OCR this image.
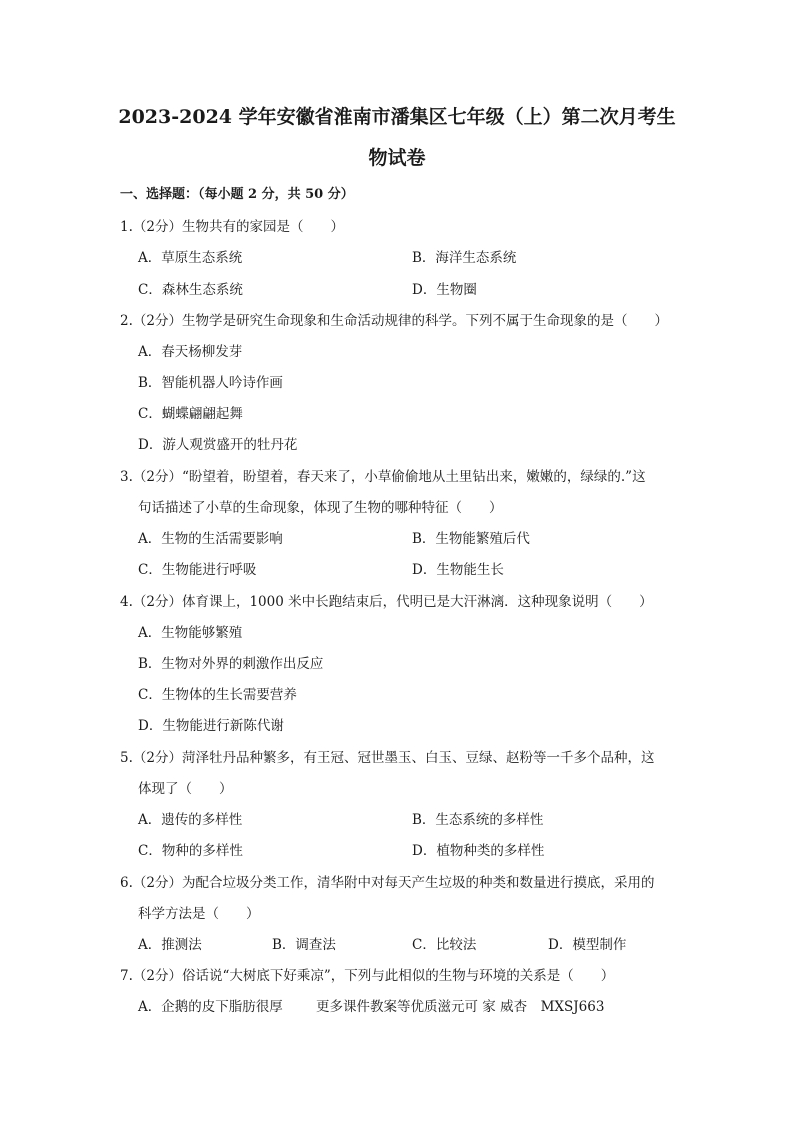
2023-2024 学年安徽省淮南市潘集区七年级（上）第二次月考生
物试卷
一、选择题：（每小题 2 分，共 50 分）
1.（2分）生物共有的家园是（　　）
A．草原生态系统	B．海洋生态系统
C．森林生态系统	D．生物圈
2.（2分）生物学是研究生命现象和生命活动规律的科学。下列不属于生命现象的是（　　）
A．春天杨柳发芽
B．智能机器人吟诗作画
C．蝴蝶翩翩起舞
D．游人观赏盛开的牡丹花
3.（2分）“盼望着，盼望着，春天来了，小草偷偷地从土里钻出来，嫩嫩的，绿绿的.”这
句话描述了小草的生命现象，体现了生物的哪种特征（　　）
A．生物的生活需要影响	B．生物能繁殖后代
C．生物能进行呼吸	D．生物能生长
4.（2分）体育课上，1000 米中长跑结束后，代明已是大汗淋漓．这种现象说明（　　）
A．生物能够繁殖
B．生物对外界的刺激作出反应
C．生物体的生长需要营养
D．生物能进行新陈代谢
5.（2分）菏泽牡丹品种繁多，有王冠、冠世墨玉、白玉、豆绿、赵粉等一千多个品种，这
体现了（　　）
A．遗传的多样性	B．生态系统的多样性
C．物种的多样性	D．植物种类的多样性
6.（2分）为配合垃圾分类工作，清华附中对每天产生垃圾的种类和数量进行摸底，采用的
科学方法是（　　）
A．推测法	B．调查法	C．比较法	D．模型制作
7.（2分）俗话说“大树底下好乘凉”，下列与此相似的生物与环境的关系是（　　）
A．企鹅的皮下脂肪很厚 更多课件教案等优质滋元可 家 威杏　MXSJ663
